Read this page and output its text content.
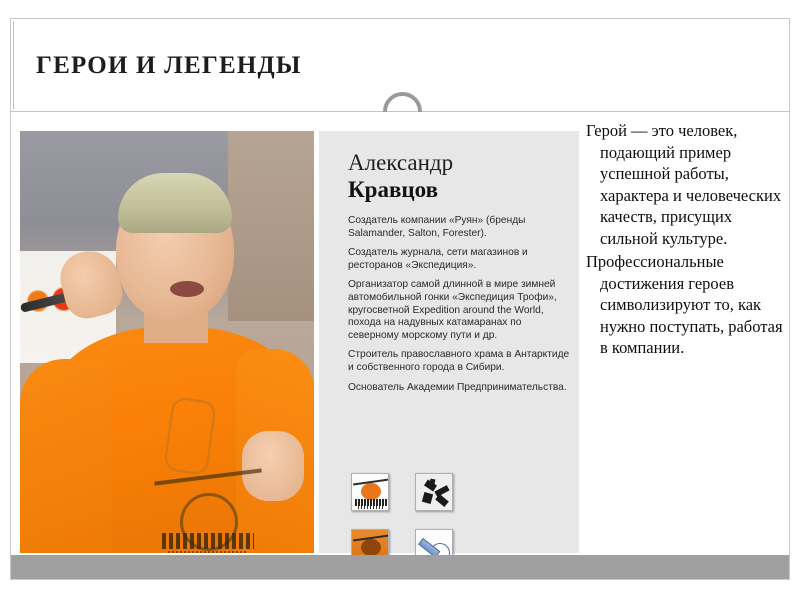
ГЕРОИ И ЛЕГЕНДЫ
Александр
Кравцов

Создатель компании «Руян» (бренды Salamander, Salton, Forester).

Создатель журнала, сети магазинов и ресторанов «Экспедиция».

Организатор самой длинной в мире зимней автомобильной гонки «Экспедиция Трофи», кругосветной Expedition around the World, похода на надувных катамаранах по северному морскому пути и др.

Строитель православного храма в Антарктиде и собственного города в Сибири.

Основатель Академии Предпринимательства.

Герой — это человек, подающий пример успешной работы, характера и человеческих качеств, присущих сильной культуре.

Профессиональные достижения героев символизируют то, как нужно поступать, работая в компании.
